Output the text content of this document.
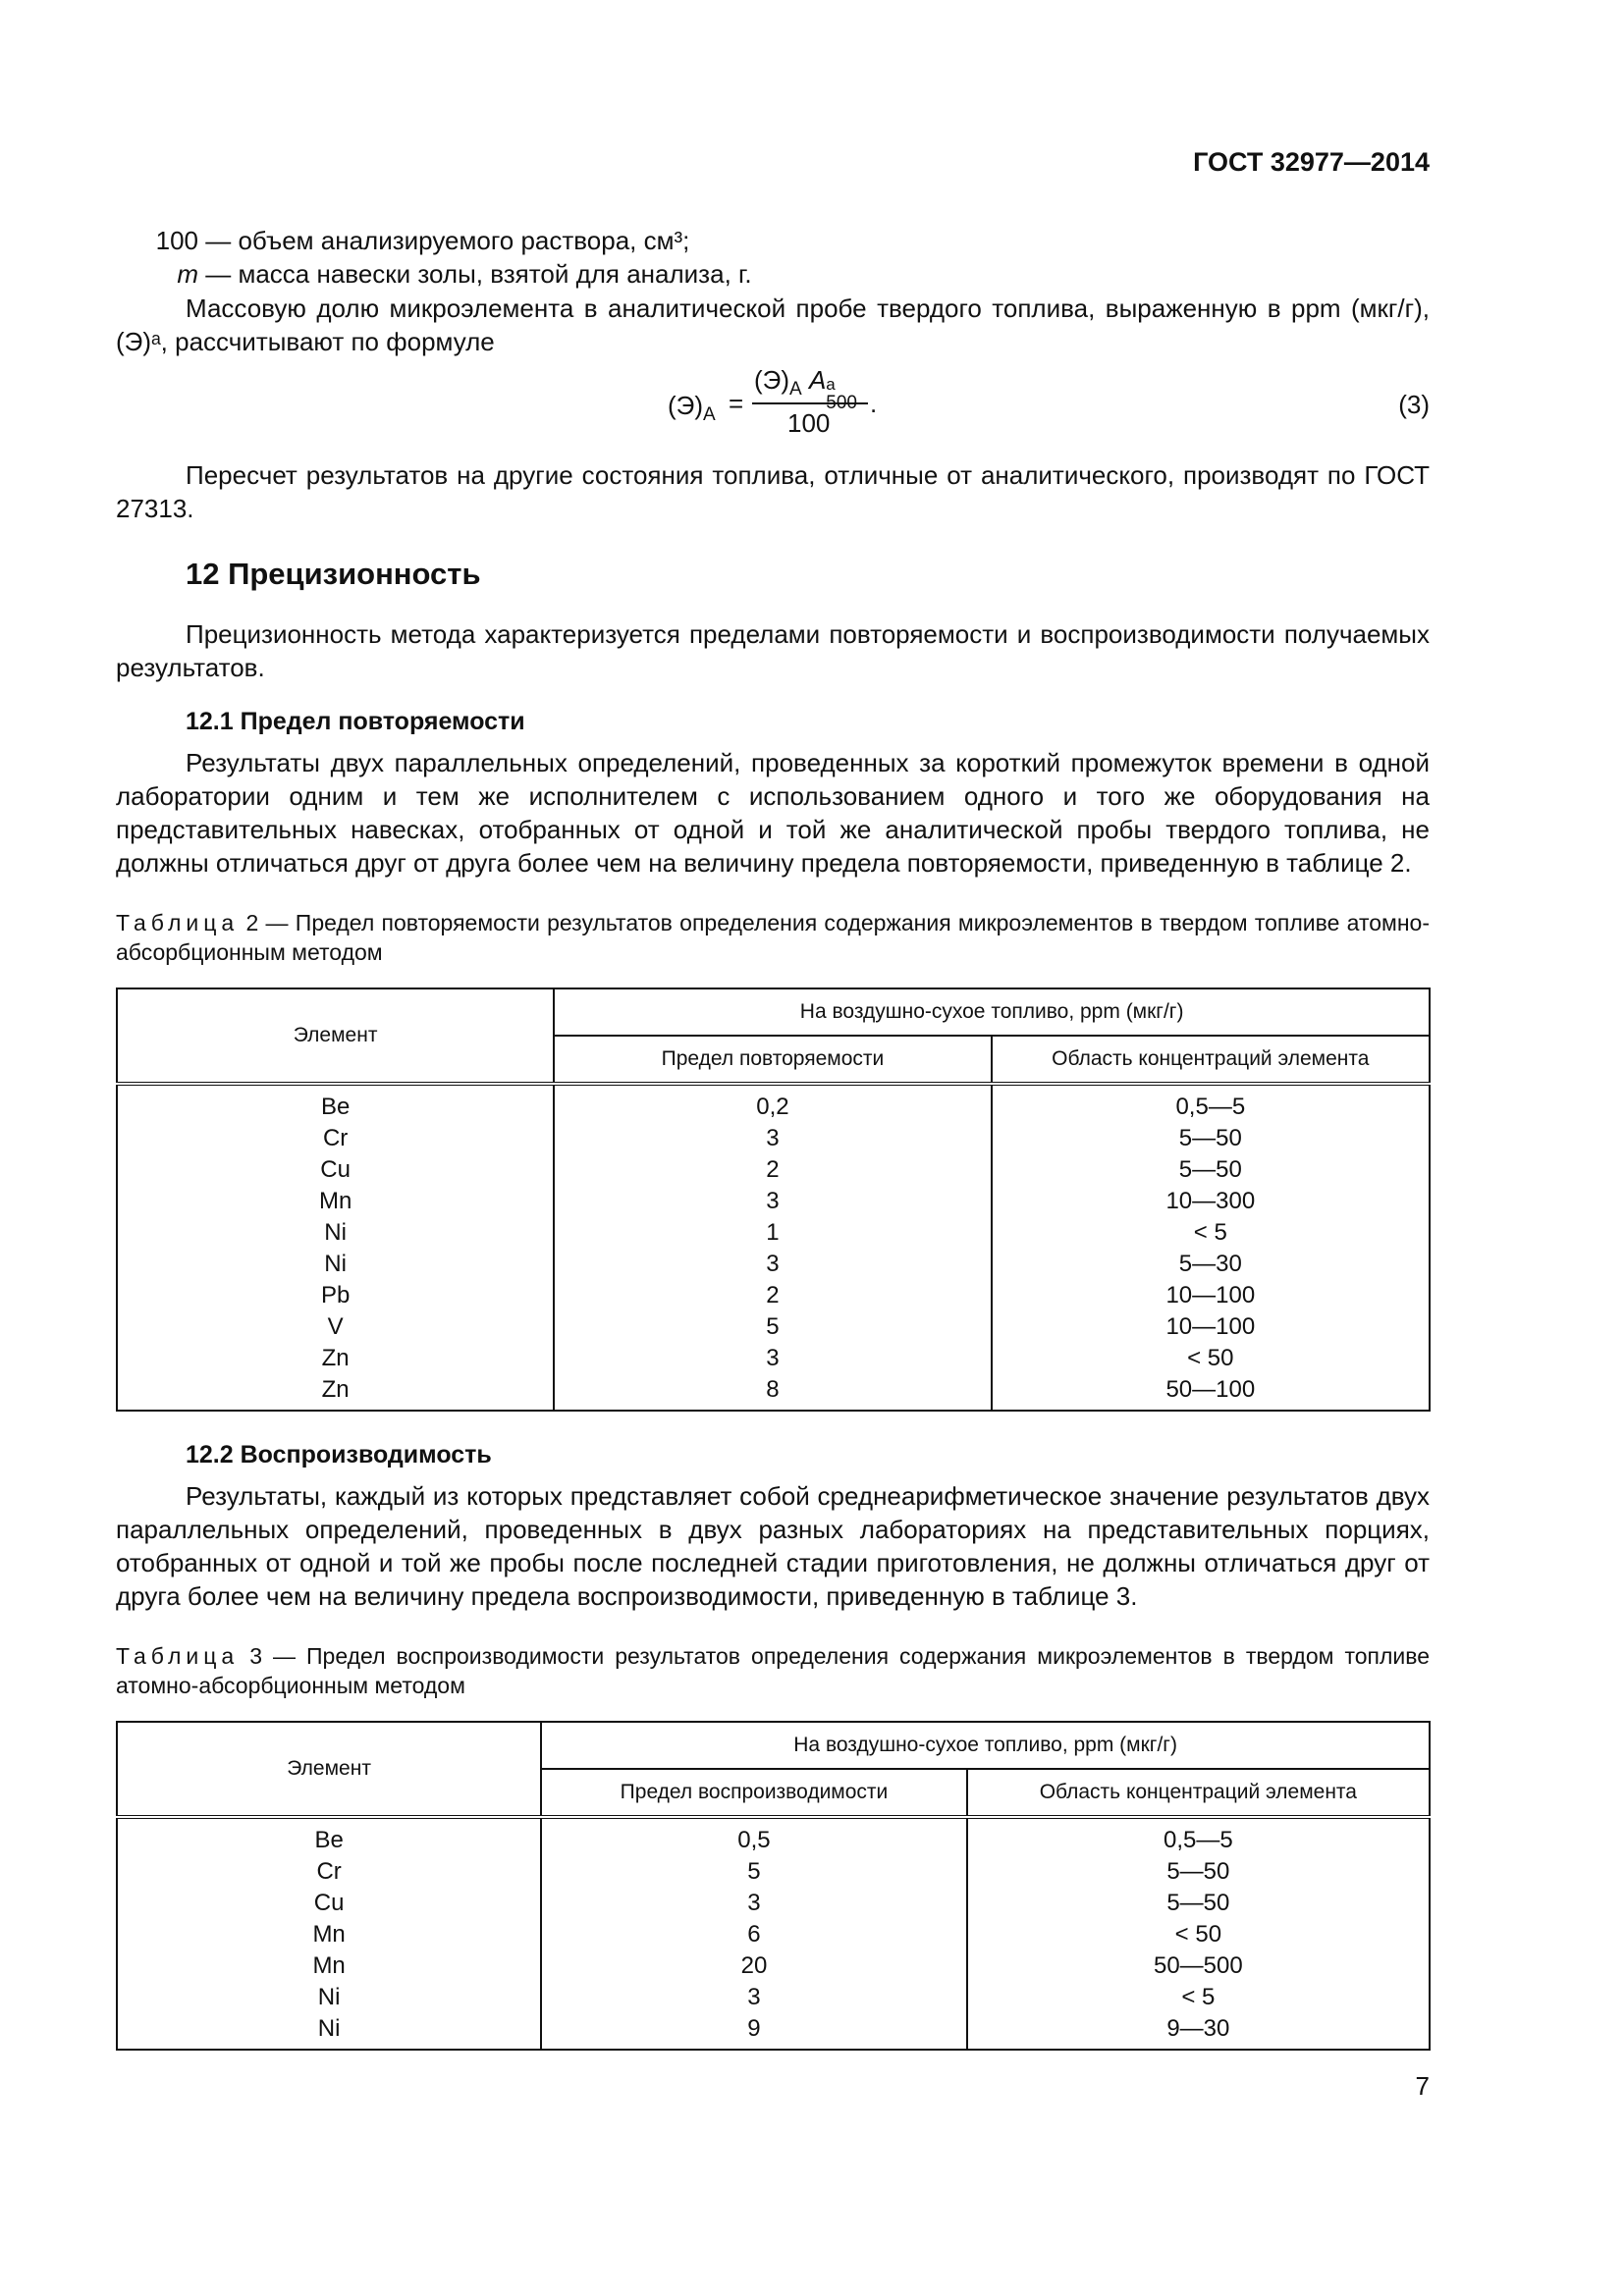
ГОСТ 32977—2014
100 — объем анализируемого раствора, см³;
m — масса навески золы, взятой для анализа, г.

Массовую долю микроэлемента в аналитической пробе твердого топлива, выраженную в ppm (мкг/г), (Э)ᵃ, рассчитывают по формуле

$(Э)_A$ =
$(Э)_A$ A a
500
100
.	(3)

Пересчет результатов на другие состояния топлива, отличные от аналитического, производят по ГОСТ 27313.

12 Прецизионность

Прецизионность метода характеризуется пределами повторяемости и воспроизводимости получаемых результатов.

12.1 Предел повторяемости

Результаты двух параллельных определений, проведенных за короткий промежуток времени в одной лаборатории одним и тем же исполнителем с использованием одного и того же оборудования на представительных навесках, отобранных от одной и той же аналитической пробы твердого топлива, не должны отличаться друг от друга более чем на величину предела повторяемости, приведенную в таблице 2.

Таблица 2 — Предел повторяемости результатов определения содержания микроэлементов в твердом топливе атомно-абсорбционным методом
Элемент	На воздушно-сухое топливо, ppm (мкг/г)	
	Предел повторяемости	Область концентраций элемента
Be	0,2	0,5—5
Cr	3	5—50
Cu	2	5—50
Mn	3	10—300
Ni	1	< 5
Ni	3	5—30
Pb	2	10—100
V	5	10—100
Zn	3	< 50
Zn	8	50—100
12.2 Воспроизводимость

Результаты, каждый из которых представляет собой среднеарифметическое значение результатов двух параллельных определений, проведенных в двух разных лабораториях на представительных порциях, отобранных от одной и той же пробы после последней стадии приготовления, не должны отличаться друг от друга более чем на величину предела воспроизводимости, приведенную в таблице 3.

Таблица 3 — Предел воспроизводимости результатов определения содержания микроэлементов в твердом топливе атомно-абсорбционным методом
Элемент	На воздушно-сухое топливо, ppm (мкг/г)	
	Предел воспроизводимости	Область концентраций элемента
Be	0,5	0,5—5
Cr	5	5—50
Cu	3	5—50
Mn	6	< 50
Mn	20	50—500
Ni	3	< 5
Ni	9	9—30
7
